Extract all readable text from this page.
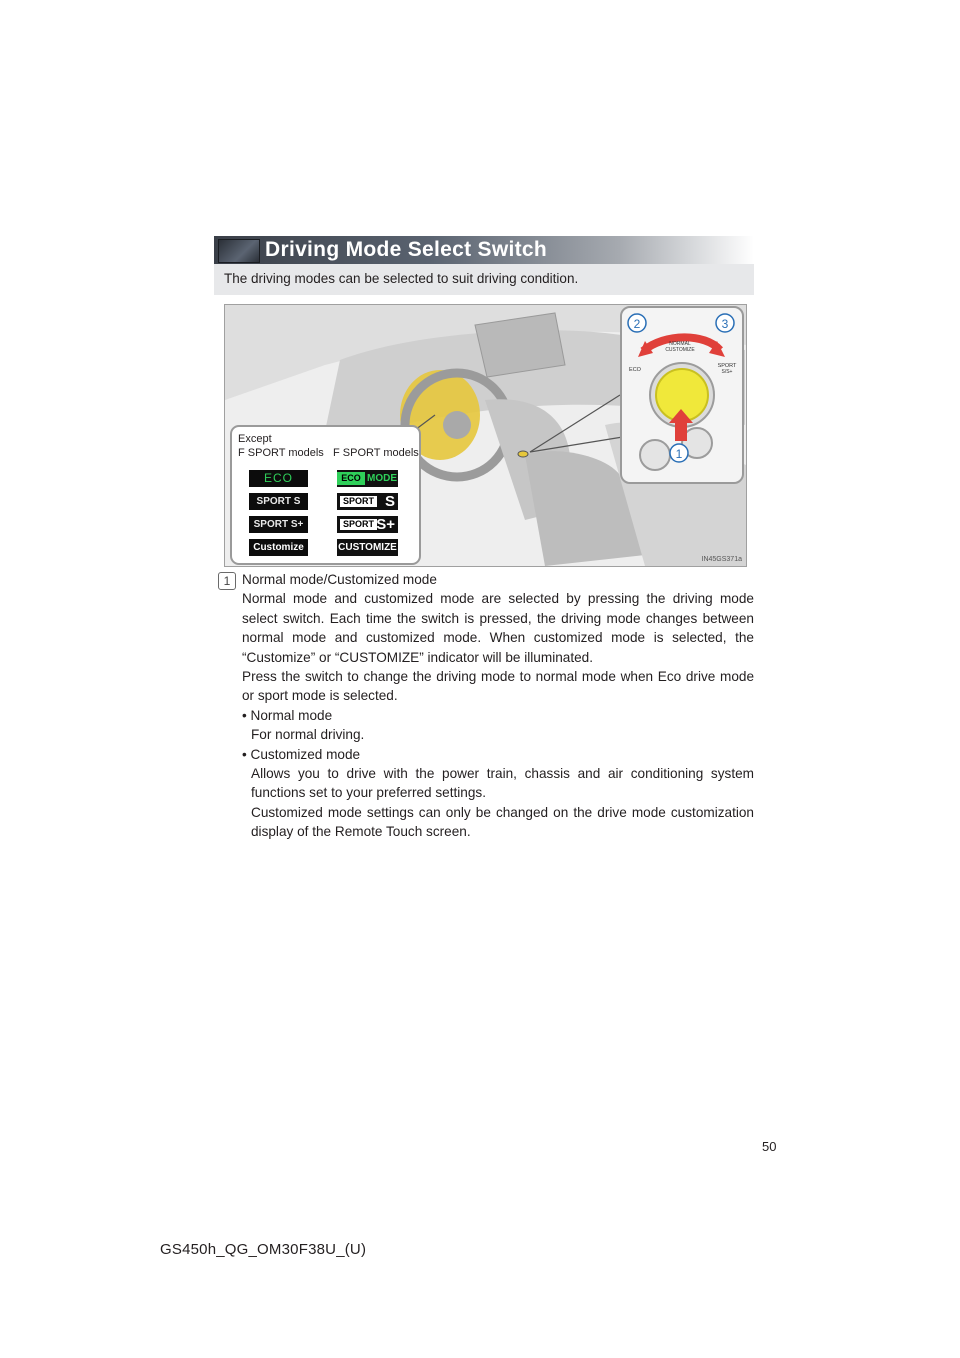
Driving Mode Select Switch
The driving modes can be selected to suit driving condition.
2	3
1
NORMAL
CUSTOMIZE
ECO
SPORT
S/S+
Except
F SPORT models F SPORT models
ECO
SPORT S
SPORT S+
Customize
ECO MODE
SPORT S
SPORT S+
CUSTOMIZE
IN45GS371a
1 Normal mode/Customized mode

Normal mode and customized mode are selected by pressing the driving mode select switch. Each time the switch is pressed, the driving mode changes between normal mode and customized mode. When customized mode is selected, the “Customize” or “CUSTOMIZE” indicator will be illuminated.

Press the switch to change the driving mode to normal mode when Eco drive mode or sport mode is selected.

• Normal mode

For normal driving.

• Customized mode

Allows you to drive with the power train, chassis and air conditioning system functions set to your preferred settings.

Customized mode settings can only be changed on the drive mode customization display of the Remote Touch screen.

50
GS450h_QG_OM30F38U_(U)
